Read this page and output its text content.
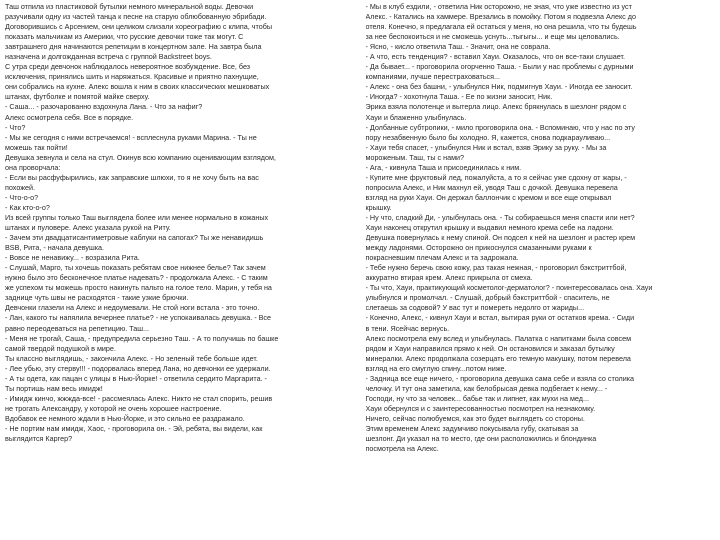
Таш отпила из пластиковой бутылки немного минеральной воды. Девочки
разучивали одну из частей танца к песне на старую облюбованную эбрибади.
Договорившись с Арсением, они целиком слизали хореографию с клипа, чтобы
показать мальчикам из Америки, что русские девочки тоже так могут. С
завтрашнего дня начинаются репетиции в концертном зале. На завтра была
назначена и долгожданная встреча с группой Backstreet boys.
С утра среди девчонок наблюдалось невероятное возбуждение. Все, без
исключения, принялись шить и наряжаться. Красивые и приятно пахнущие,
они собрались на кухне. Алекс вошла к ним в своих классических мешковатых
штанах, футболке и помятой майке сверху.
- Саша... - разочарованно вздохнула Лана. - Что за нафиг?
Алекс осмотрела себя. Все в порядке.
- Что?
- Мы же сегодня с ними встречаемся! - всплеснула руками Марина. - Ты не
можешь так пойти!
Девушка зевнула и села на стул. Окинув всю компанию оценивающим взглядом,
она проворчала:
- Если вы расфуфырились, как заправские шлюхи, то я не хочу быть на вас
похожей.
- Что-о-о?
- Как кто-о-о?
Из всей группы только Таш выглядела более или менее нормально в кожаных
штанах и пуловере. Алекс указала рукой на Риту.
- Зачем эти двадцатисантиметровые каблуки на сапогах? Ты же ненавидишь
BSB, Рита, - начала девушка.
- Вовсе не ненавижу... - возразила Рита.
- Слушай, Марго, ты хочешь показать ребятам свое нижнее белье? Так зачем
нужно было это бесконечное платье надевать? - продолжала Алекс. - С таким
же успехом ты можешь просто накинуть пальто на голое тело. Марин, у тебя на
заднице чуть швы не расходятся - такие узкие брючки.
Девчонки глазели на Алекс и недоумевали. Не стой ноги встала - это точно.
- Лан, какого ты напялила вечернее платье? - не успокаивалась девушка. - Все
равно переодеваться на репетицию. Таш...
- Меня не трогай, Саша, - предупредила серьезно Таш. - А то получишь по башке
самой твердой подушкой в мире.
Ты классно выглядишь, - закончила Алекс. - Но зеленый тебе больше идет.
- Лее убью, эту стерву!!! - подорвалась вперед Лана, но девчонки ее удержали.
- А ты одета, как пацан с улицы в Нью-Йорке! - ответила сердито Маргарита. -
Ты портишь нам весь имидж!
- Имидж кинчо, жжжда-все! - рассмеялась Алекс. Никто не стал спорить, решив
не трогать Александру, у которой не очень хорошее настроение.
Вдобавок ее немного ждали в Нью-Йорке, и это сильно ее раздражало.
- Не портим нам имидж, Хаос, - проговорила он. - Эй, ребята, вы видели, как
выглядится Каргер?
- Мы в клуб ездили, - ответила Ник осторожно, не зная, что уже известно из уст
Алекс. - Катались на хаммере. Врезались в помойку. Потом я подвезла Алекс до
отеля. Конечно, я предлагала ей остаться у меня, но она решила, что ты будешь
за нее беспокоиться и не сможешь уснуть...тыгыгы... и еще мы целовались.
- Ясно, - кисло ответила Таш. - Значит, она не соврала.
- А что, есть тенденция? - вставил Хауи. Оказалось, что он все-таки слушает.
- Да бывает... - проговорила огорченно Таша. - Были у нас проблемы с дурными
компаниями, лучше перестраховаться...
- Алекс - она без башни, - улыбнулся Ник, подмигнув Хауи. - Иногда ее заносит.
- Иногда? - хохотнула Таша. - Ее по жизни заносит, Ник.
Эрика взяла полотенце и вытерла лицо. Алекс брякнулась в шезлонг рядом с
Хауи и блаженно улыбнулась.
- Долбанные субтропики, - мило проговорила она. - Вспоминаю, что у нас по эту
пору незабвенную было бы холодно. Я, кажется, снова подкарауливаю...
- Хауи тебя спасет, - улыбнулся Ник и встал, взяв Эрику за руку. - Мы за
мороженым. Таш, ты с нами?
- Ага, - кивнула Таша и присоединилась к ним.
- Купите мне фруктовый лед, пожалуйста, а то я сейчас уже сдохну от жары, -
попросила Алекс, и Ник махнул ей, уводя Таш с дочкой. Девушка перевела
взгляд на руки Хауи. Он держал баллончик с кремом и все еще открывал
крышку.
- Ну что, сладкий Ди, - улыбнулась она. - Ты собираешься меня спасти или нет?
Хауи наконец открутил крышку и выдавил немного крема себе на ладони.
Девушка повернулась к нему спиной. Он подсел к ней на шезлонг и растер крем
между ладонями. Осторожно он прикоснулся смазанными руками к
покрасневшим плечам Алекс и та задрожала.
- Тебе нужно беречь свою кожу, раз такая нежная, - проговорил бэкстриттбой,
аккуратно втирая крем. Алекс прикрыла от смеха.
- Ты что, Хауи, практикующий косметолог-дерматолог? - поинтересовалась она. Хауи
улыбнулся и промолчал. - Слушай, добрый бэкстриттбой - спаситель, не
слетаешь за содовой? У вас тут и помереть недолго от жариды...
- Конечно, Алекс, - кивнул Хауи и встал, вытирая руки от остатков крема. - Сиди
в тени. Ясейчас вернусь.
Алекс посмотрела ему вслед и улыбнулась. Палатка с напитками была совсем
рядом и Хауи направился прямо к ней. Он остановился и заказал бутылку
минералки. Алекс продолжала созерцать его темную макушку, потом перевела
взгляд на его смуглую спину...потом ниже.
- Задница все еще ничего, - проговорила девушка сама себе и взяла со столика
челочку. И тут она заметила, как белобрысая девка подбегает к нему... -
Господи, ну что за человек... бабье так и липнет, как мухи на мед...
Хауи обернулся и с заинтересованностью посмотрел на незнакомку.
Ничего, сейчас полюбуемся, как это будет выглядеть со стороны.
Этим временем Алекс задумчиво покусывала губу, скатывая за
шезлонг. Ди указал на то место, где они расположились и блондинка
посмотрела на Алекс.
